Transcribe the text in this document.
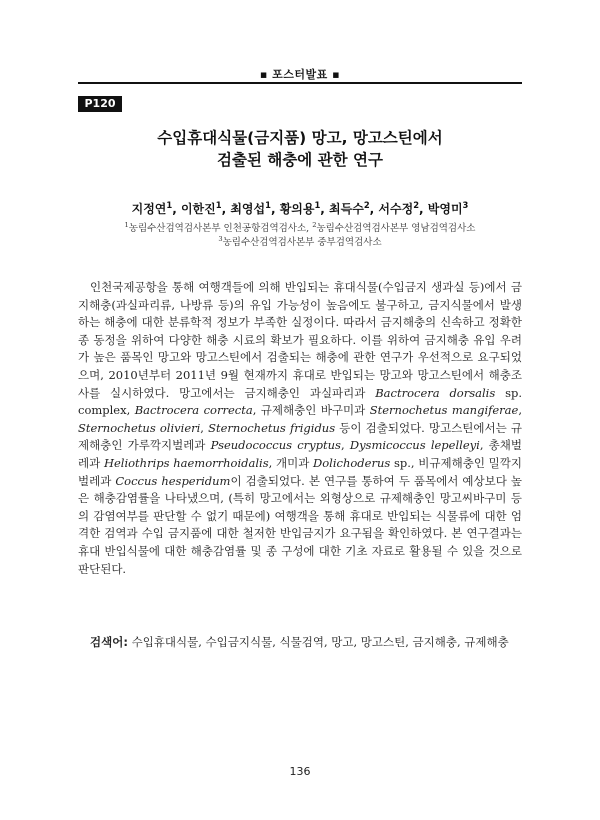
▪ 포스터발표 ▪
P120
수입휴대식물(금지품) 망고, 망고스틴에서
검출된 해충에 관한 연구
지정연$^1$, 이한진$^1$, 최영섭$^1$, 황의용$^1$, 최득수$^2$, 서수정$^2$, 박영미$^3$
$^1$농림수산검역검사본부 인천공항검역검사소, $^2$농림수산검역검사본부 영남검역검사소
$^3$농림수산검역검사본부 중부검역검사소

인천국제공항을 통해 여행객들에 의해 반입되는 휴대식물(수입금지 생과실 등)에서 금지해충(과실파리류, 나방류 등)의 유입 가능성이 높음에도 불구하고, 금지식물에서 발생하는 해충에 대한 분류학적 정보가 부족한 실정이다. 따라서 금지해충의 신속하고 정확한 종 동정을 위하여 다양한 해충 시료의 확보가 필요하다. 이를 위하여 금지해충 유입 우려가 높은 품목인 망고와 망고스틴에서 검출되는 해충에 관한 연구가 우선적으로 요구되었으며, 2010년부터 2011년 9월 현재까지 휴대로 반입되는 망고와 망고스틴에서 해충조사를 실시하였다. 망고에서는 금지해충인 과실파리과 Bactrocera dorsalis sp. complex, Bactrocera correcta, 규제해충인 바구미과 Sternochetus mangiferae, Sternochetus olivieri, Sternochetus frigidus 등이 검출되었다. 망고스틴에서는 규제해충인 가루깍지벌레과 Pseudococcus cryptus, Dysmicoccus lepelleyi, 총채벌레과 Heliothrips haemorrhoidalis, 개미과 Dolichoderus sp., 비규제해충인 밀깍지벌레과 Coccus hesperidum이 검출되었다. 본 연구를 통하여 두 품목에서 예상보다 높은 해충감염률을 나타냈으며, (특히 망고에서는 외형상으로 규제해충인 망고씨바구미 등의 감염여부를 판단할 수 없기 때문에) 여행객을 통해 휴대로 반입되는 식물류에 대한 엄격한 검역과 수입 금지품에 대한 철저한 반입금지가 요구됨을 확인하였다. 본 연구결과는 휴대 반입식물에 대한 해충감염률 및 종 구성에 대한 기초 자료로 활용될 수 있을 것으로 판단된다.

검색어: 수입휴대식물, 수입금지식물, 식물검역, 망고, 망고스틴, 금지해충, 규제해충
136
